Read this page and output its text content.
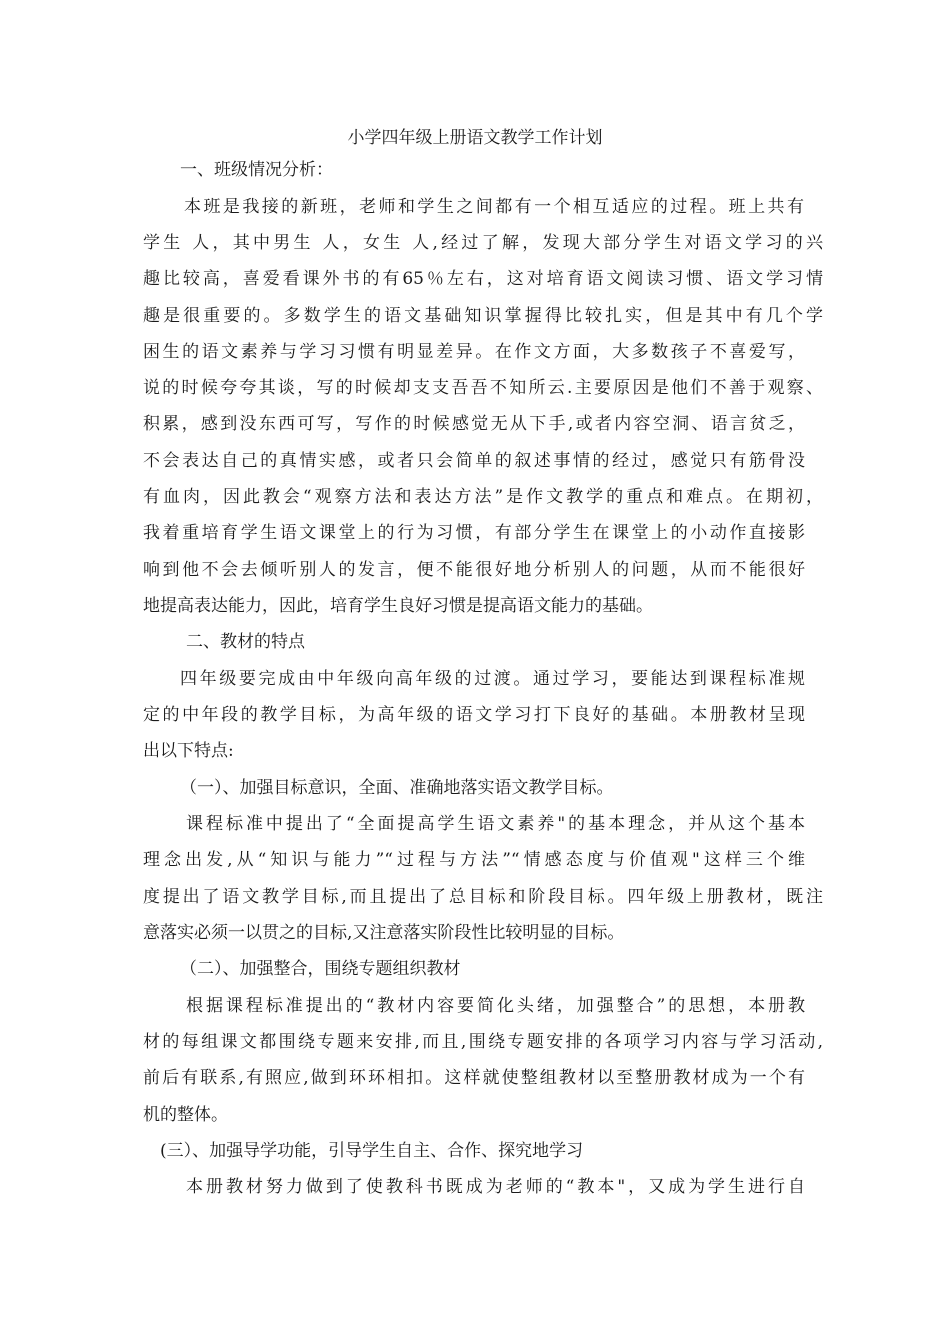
小学四年级上册语文教学工作计划
一、班级情况分析：
本班是我接的新班，老师和学生之间都有一个相互适应的过程。班上共有
学生 人，其中男生 人，女生 人,经过了解，发现大部分学生对语文学习的兴
趣比较高，喜爱看课外书的有65％左右，这对培育语文阅读习惯、语文学习情
趣是很重要的。多数学生的语文基础知识掌握得比较扎实，但是其中有几个学
困生的语文素养与学习习惯有明显差异。在作文方面，大多数孩子不喜爱写，
说的时候夸夸其谈，写的时候却支支吾吾不知所云.主要原因是他们不善于观察、
积累，感到没东西可写，写作的时候感觉无从下手,或者内容空洞、语言贫乏，
不会表达自己的真情实感，或者只会简单的叙述事情的经过，感觉只有筋骨没
有血肉，因此教会“观察方法和表达方法”是作文教学的重点和难点。在期初，
我着重培育学生语文课堂上的行为习惯，有部分学生在课堂上的小动作直接影
响到他不会去倾听别人的发言，便不能很好地分析别人的问题，从而不能很好
地提高表达能力，因此，培育学生良好习惯是提高语文能力的基础。
二、教材的特点
四年级要完成由中年级向高年级的过渡。通过学习，要能达到课程标准规
定的中年段的教学目标，为高年级的语文学习打下良好的基础。本册教材呈现
出以下特点:
（一）、加强目标意识，全面、准确地落实语文教学目标。
课程标准中提出了“全面提高学生语文素养"的基本理念，并从这个基本
理念出发,从“知识与能力”“过程与方法”“情感态度与价值观"这样三个维
度提出了语文教学目标,而且提出了总目标和阶段目标。四年级上册教材，既注
意落实必须一以贯之的目标,又注意落实阶段性比较明显的目标。
（二）、加强整合，围绕专题组织教材
根据课程标准提出的“教材内容要简化头绪，加强整合”的思想，本册教
材的每组课文都围绕专题来安排,而且,围绕专题安排的各项学习内容与学习活动,
前后有联系,有照应,做到环环相扣。这样就使整组教材以至整册教材成为一个有
机的整体。
(三）、加强导学功能，引导学生自主、合作、探究地学习
本册教材努力做到了使教科书既成为老师的“教本"，又成为学生进行自
